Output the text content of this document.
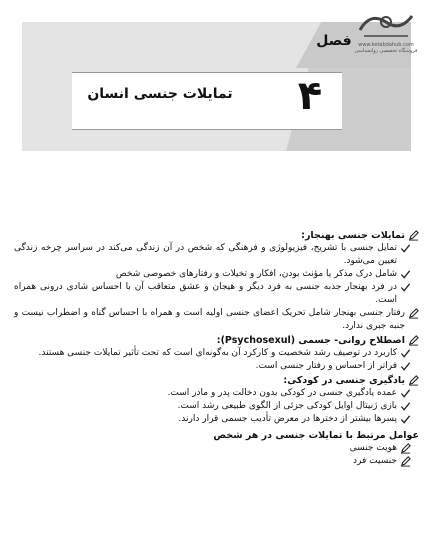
فصل
۴
تمایلات جنسی انسان
www.ketabdahub.com
فروشگاه تخصصی روانشناسی
تمایلات جنسی بهنجار:
تمایل جنسی با تشریح، فیزیولوژی و فرهنگی که شخص در آن زندگی می‌کند در سراسر چرخه زندگی تعیین می‌شود.
شامل درک مذکر یا مؤنث بودن، افکار و تخیلات و رفتارهای خصوصی شخص
در فرد بهنجار جذبه جنسی به فرد دیگر و هیجان و عشق متعاقب آن با احساس شادی درونی همراه است.
رفتار جنسی بهنجار شامل تحریک اعضای جنسی اولیه است و همراه با احساس گناه و اضطراب نیست و جنبه جبری ندارد.
اصطلاح روانی- جسمی (Psychosexul):
کاربرد در توصیف رشد شخصیت و کارکرد آن به‌گونه‌ای است که تحت تأثیر تمایلات جنسی هستند.
فراتر از احساس و رفتار جنسی است.
یادگیری جنسی در کودکی:
عمده یادگیری جنسی در کودکی بدون دخالت پدر و مادر است.
بازی ژنیتال اوایل کودکی جزئی از الگوی طبیعی رشد است.
پسرها بیشتر از دخترها در معرض تأدیب جسمی قرار دارند.
عوامل مرتبط با تمایلات جنسی در هر شخص
هویت جنسی
جنسیت فرد
